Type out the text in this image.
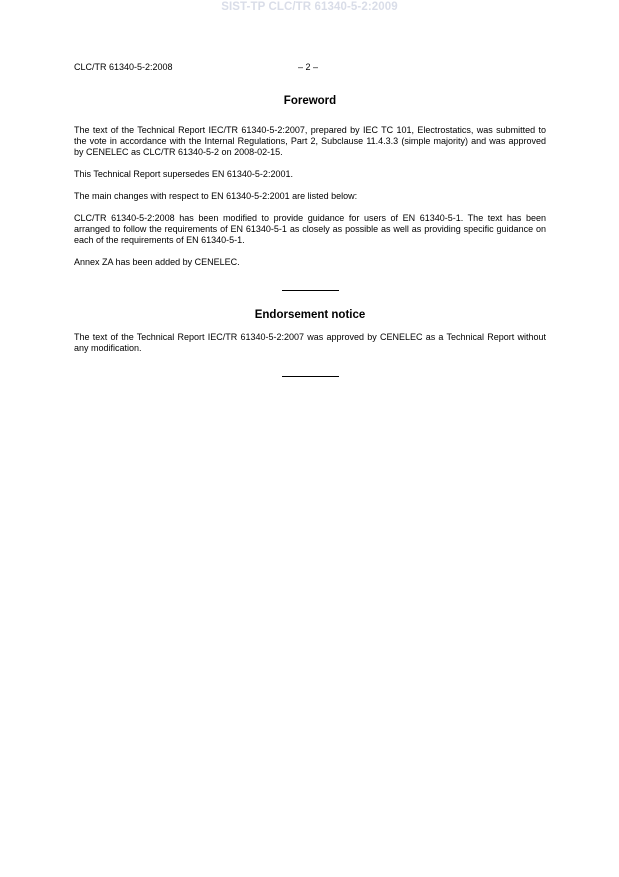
SIST-TP CLC/TR 61340-5-2:2009
CLC/TR 61340-5-2:2008	– 2 –
Foreword

The text of the Technical Report IEC/TR 61340-5-2:2007, prepared by IEC TC 101, Electrostatics, was submitted to the vote in accordance with the Internal Regulations, Part 2, Subclause 11.4.3.3 (simple majority) and was approved by CENELEC as CLC/TR 61340-5-2 on 2008-02-15.

This Technical Report supersedes EN 61340-5-2:2001.

The main changes with respect to EN 61340-5-2:2001 are listed below:

CLC/TR 61340-5-2:2008 has been modified to provide guidance for users of EN 61340-5-1. The text has been arranged to follow the requirements of EN 61340-5-1 as closely as possible as well as providing specific guidance on each of the requirements of EN 61340-5-1.

Annex ZA has been added by CENELEC.

Endorsement notice

The text of the Technical Report IEC/TR 61340-5-2:2007 was approved by CENELEC as a Technical Report without any modification.
